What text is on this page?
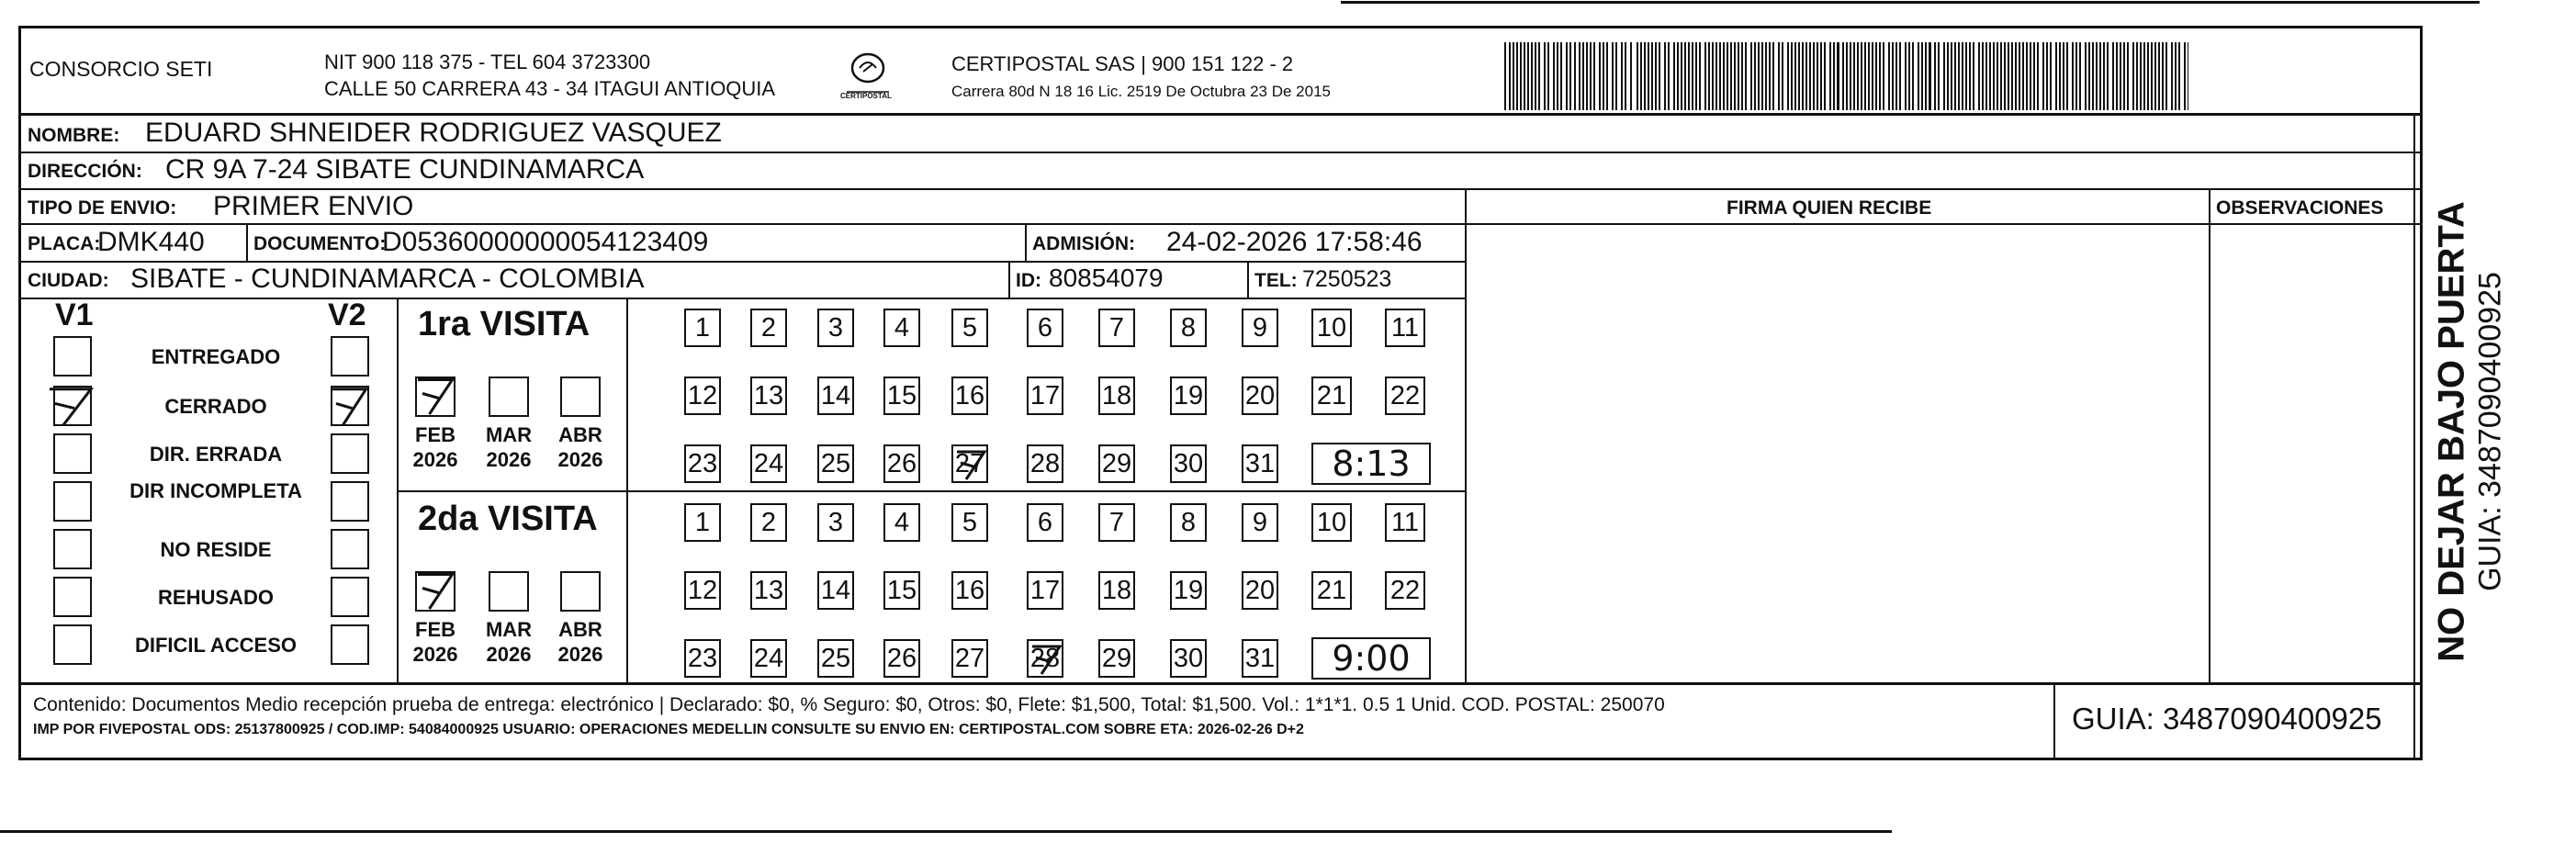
CONSORCIO SETI	NIT 900 118 375 - TEL 604 3723300
CALLE 50 CARRERA 43 - 34 ITAGUI ANTIOQUIA	CERTIPOSTAL
CERTIPOSTAL SAS | 900 151 122 - 2
Carrera 80d N 18 16 Lic. 2519 De Octubra 23 De 2015
NOMBRE: EDUARD SHNEIDER RODRIGUEZ VASQUEZ
DIRECCIÓN: CR 9A 7-24 SIBATE CUNDINAMARCA
TIPO DE ENVIO: PRIMER ENVIO	FIRMA QUIEN RECIBE	OBSERVACIONES
PLACA:
DMK440	DOCUMENTO:
D05360000000054123409	ADMISIÓN: 24-02-2026 17:58:46
CIUDAD: SIBATE - CUNDINAMARCA - COLOMBIA	ID: 80854079	TEL: 7250523
V1	V2
ENTREGADO
CERRADO
DIR. ERRADA
DIR INCOMPLETA
NO RESIDE
REHUSADO
DIFICIL ACCESO
1ra VISITA
2da VISITA
FEB
2026
MAR
2026
ABR
2026
1	2	3	4	5	6	7	8	9	10 11
12 13 14 15 16 17 18 19 20 21 22
23 24 25 26 27 28 29 30 31	8:13
FEB
2026
MAR
2026
ABR
2026
1	2	3	4	5	6	7	8	9	10 11
12 13 14 15 16 17 18 19 20 21 22
23 24 25 26 27 28 29 30 31	9:00
Contenido: Documentos Medio recepción prueba de entrega: electrónico | Declarado: $0, % Seguro: $0, Otros: $0, Flete: $1,500, Total: $1,500. Vol.: 1*1*1. 0.5 1 Unid. COD. POSTAL: 250070
IMP POR FIVEPOSTAL ODS: 25137800925 / COD.IMP: 54084000925 USUARIO: OPERACIONES MEDELLIN CONSULTE SU ENVIO EN: CERTIPOSTAL.COM SOBRE ETA: 2026-02-26 D+2	GUIA: 3487090400925
NO DEJAR BAJO PUERTA GUIA: 3487090400925
